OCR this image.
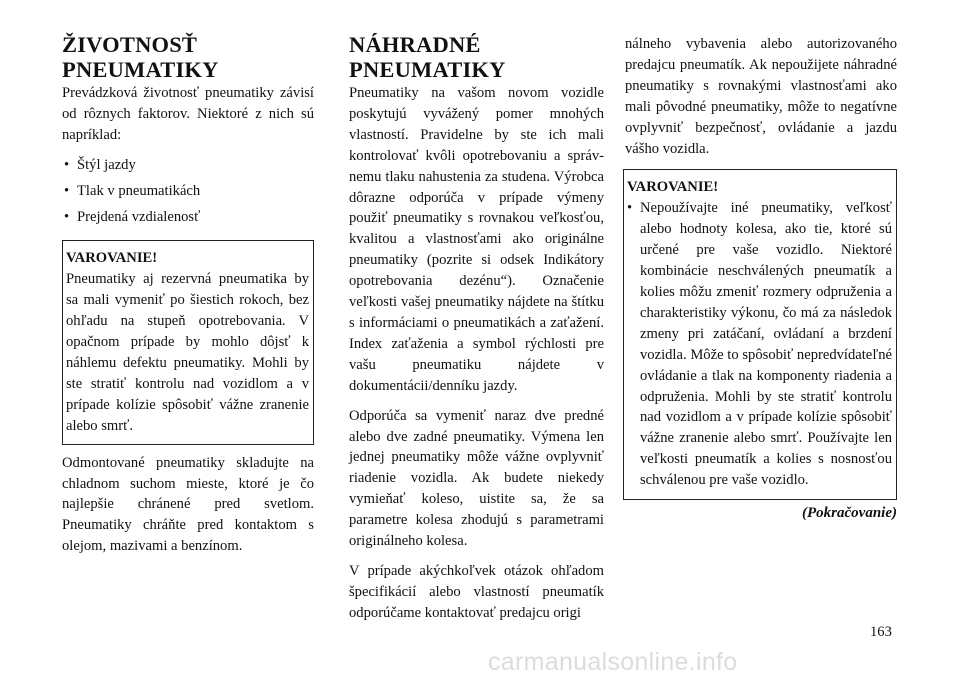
ŽIVOTNOSŤ
PNEUMATIKY

Prevádzková životnosť pneumatiky závisí od rôznych faktorov. Niektoré z nich sú napríklad:

• Štýl jazdy
• Tlak v pneumatikách
• Prejdená vzdialenosť
VAROVANIE!

Pneumatiky aj rezervná pneumatika by sa mali vymeniť po šiestich rokoch, bez ohľadu na stupeň opotrebovania. V opačnom prípade by mohlo dôjsť k náhlemu defektu pneumatiky. Mohli by ste stratiť kontrolu nad vozidlom a v prípade kolízie spôsobiť vážne zranenie alebo smrť.

Odmontované pneumatiky skladujte na chladnom suchom mieste, ktoré je čo najlepšie chránené pred svetlom. Pneumatiky chráňte pred kontaktom s olejom, mazivami a benzínom.

NÁHRADNÉ
PNEUMATIKY

Pneumatiky na vašom novom vozidle poskytujú vyvážený pomer mnohých vlastností. Pravidelne by ste ich mali kontrolovať kvôli opotrebovaniu a správnemu tlaku nahustenia za studena. Výrobca dôrazne odporúča v prípade výmeny použiť pneumatiky s rovnakou veľkosťou, kvalitou a vlastnosťami ako originálne pneumatiky (pozrite si odsek Indikátory opotrebovania dezénu“). Označenie veľkosti vašej pneumatiky nájdete na štítku s informáciami o pneumatikách a zaťažení. Index zaťaženia a symbol rýchlosti pre vašu pneumatiku nájdete v dokumentácii/denníku jazdy.

Odporúča sa vymeniť naraz dve predné alebo dve zadné pneumatiky. Výmena len jednej pneumatiky môže vážne ovplyvniť riadenie vozidla. Ak budete niekedy vymieňať koleso, uistite sa, že sa parametre kolesa zhodujú s parametrami originálneho kolesa.

V prípade akýchkoľvek otázok ohľadom špecifikácií alebo vlastností pneumatík odporúčame kontaktovať predajcu origi

nálneho vybavenia alebo autorizovaného predajcu pneumatík. Ak nepoužijete náhradné pneumatiky s rovnakými vlastnosťami ako mali pôvodné pneumatiky, môže to negatívne ovplyvniť bezpečnosť, ovládanie a jazdu vášho vozidla.

VAROVANIE!
• Nepoužívajte iné pneumatiky, veľkosť alebo hodnoty kolesa, ako tie, ktoré sú určené pre vaše vozidlo. Niektoré kombinácie neschválených pneumatík a kolies môžu zmeniť rozmery odpruženia a charakteristiky výkonu, čo má za následok zmeny pri zatáčaní, ovládaní a brzdení vozidla. Môže to spôsobiť nepredvídateľné ovládanie a tlak na komponenty riadenia a odpruženia. Mohli by ste stratiť kontrolu nad vozidlom a v prípade kolízie spôsobiť vážne zranenie alebo smrť. Používajte len veľkosti pneumatík a kolies s nosnosťou schválenou pre vaše vozidlo.
(Pokračovanie)
163
carmanualsonline.info
